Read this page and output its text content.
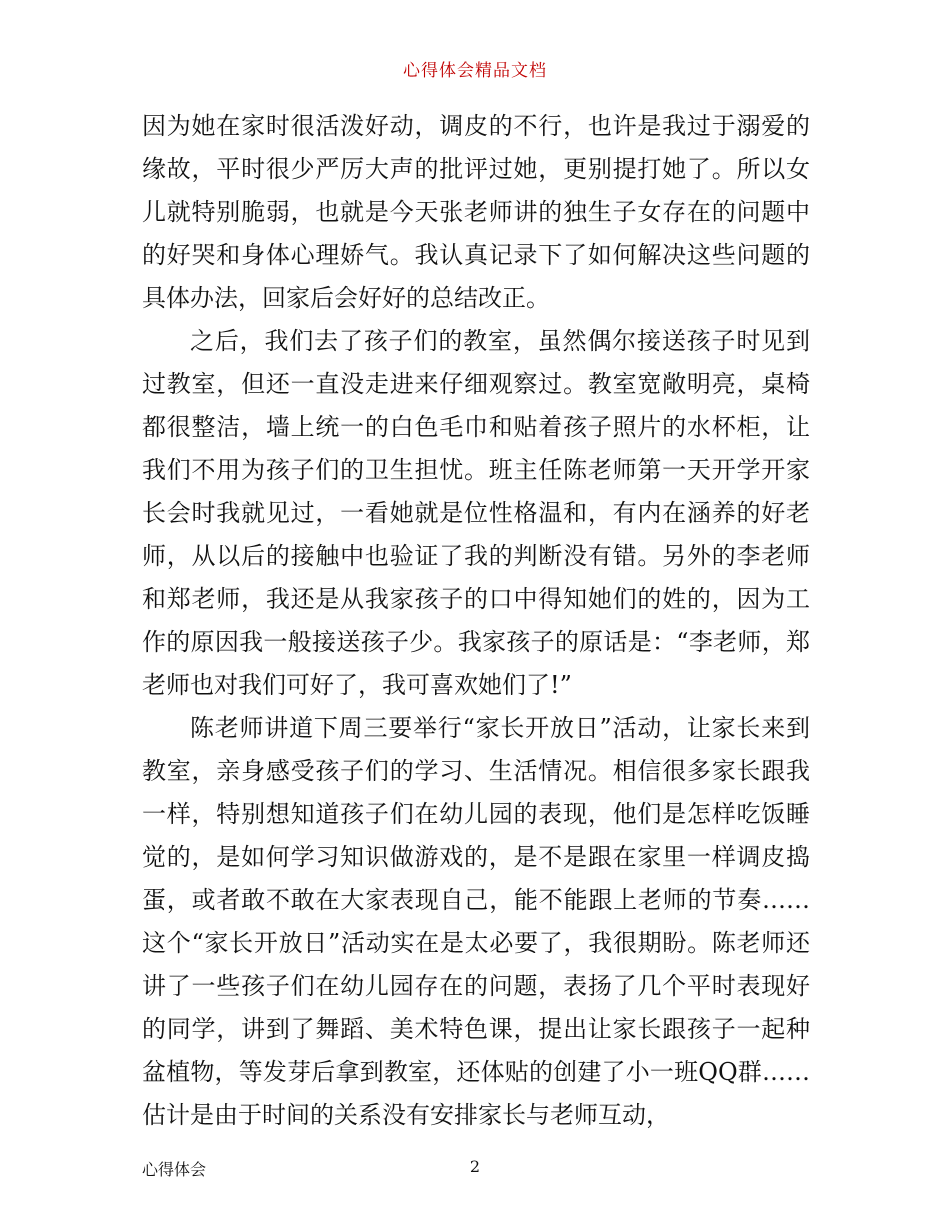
心得体会精品文档

因为她在家时很活泼好动，调皮的不行，也许是我过于溺爱的缘故，平时很少严厉大声的批评过她，更别提打她了。所以女儿就特别脆弱，也就是今天张老师讲的独生子女存在的问题中的好哭和身体心理娇气。我认真记录下了如何解决这些问题的具体办法，回家后会好好的总结改正。

之后，我们去了孩子们的教室，虽然偶尔接送孩子时见到过教室，但还一直没走进来仔细观察过。教室宽敞明亮，桌椅都很整洁，墙上统一的白色毛巾和贴着孩子照片的水杯柜，让我们不用为孩子们的卫生担忧。班主任陈老师第一天开学开家长会时我就见过，一看她就是位性格温和，有内在涵养的好老师，从以后的接触中也验证了我的判断没有错。另外的李老师和郑老师，我还是从我家孩子的口中得知她们的姓的，因为工作的原因我一般接送孩子少。我家孩子的原话是：“李老师，郑老师也对我们可好了，我可喜欢她们了!”

陈老师讲道下周三要举行“家长开放日”活动，让家长来到教室，亲身感受孩子们的学习、生活情况。相信很多家长跟我一样，特别想知道孩子们在幼儿园的表现，他们是怎样吃饭睡觉的，是如何学习知识做游戏的，是不是跟在家里一样调皮捣蛋，或者敢不敢在大家表现自己，能不能跟上老师的节奏……这个“家长开放日”活动实在是太必要了，我很期盼。陈老师还讲了一些孩子们在幼儿园存在的问题，表扬了几个平时表现好的同学，讲到了舞蹈、美术特色课，提出让家长跟孩子一起种盆植物，等发芽后拿到教室，还体贴的创建了小一班QQ群……估计是由于时间的关系没有安排家长与老师互动，

心得体会	2
